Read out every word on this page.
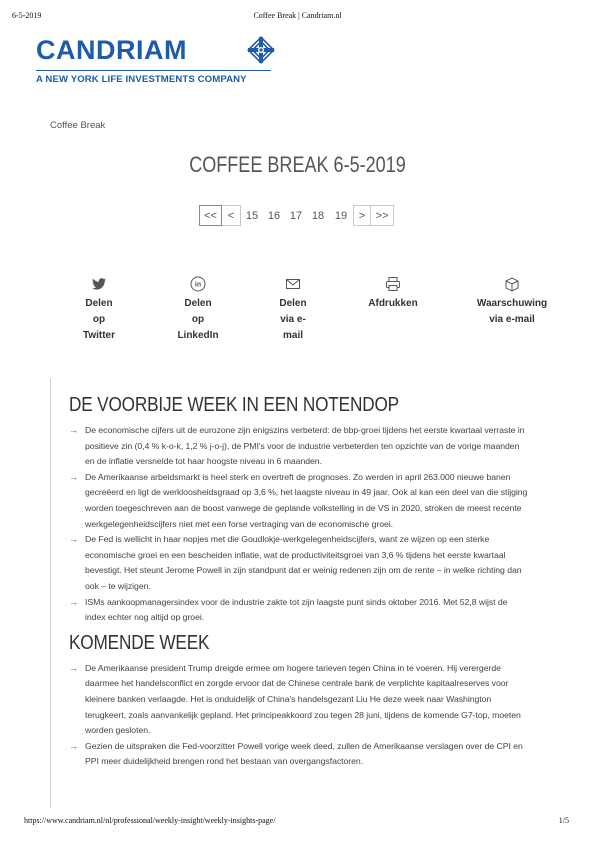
6-5-2019	Coffee Break | Candriam.nl
CANDRIAM
A NEW YORK LIFE INVESTMENTS COMPANY
Coffee Break
COFFEE BREAK 6-5-2019
<< <	15 16 17 18 19	> >>
Delen
op
Twitter
in
Delen
op
LinkedIn
Delen
via e-
mail
Afdrukken	Waarschuwing
via e-mail
DE VOORBIJE WEEK IN EEN NOTENDOP
→ De economische cijfers uit de eurozone zijn enigszins verbeterd: de bbp-groei tijdens het eerste kwartaal verraste in positieve zin (0,4 % k-o-k, 1,2 % j-o-j), de PMI's voor de industrie verbeterden ten opzichte van de vorige maanden en de inflatie versnelde tot haar hoogste niveau in 6 maanden.
→ De Amerikaanse arbeidsmarkt is heel sterk en overtreft de prognoses. Zo werden in april 263.000 nieuwe banen gecreëerd en ligt de werkloosheidsgraad op 3,6 %, het laagste niveau in 49 jaar. Ook al kan een deel van die stijging worden toegeschreven aan de boost vanwege de geplande volkstelling in de VS in 2020, stroken de meest recente werkgelegenheidscijfers niet met een forse vertraging van de economische groei.
→ De Fed is wellicht in haar nopjes met die Goudlokje-werkgelegenheidscijfers, want ze wijzen op een sterke economische groei en een bescheiden inflatie, wat de productiviteitsgroei van 3,6 % tijdens het eerste kwartaal bevestigt. Het steunt Jerome Powell in zijn standpunt dat er weinig redenen zijn om de rente – in welke richting dan ook – te wijzigen.
→ ISMs aankoopmanagersindex voor de industrie zakte tot zijn laagste punt sinds oktober 2016. Met 52,8 wijst de index echter nog altijd op groei.
KOMENDE WEEK
→ De Amerikaanse president Trump dreigde ermee om hogere tarieven tegen China in te voeren. Hij verergerde daarmee het handelsconflict en zorgde ervoor dat de Chinese centrale bank de verplichte kapitaalreserves voor kleinere banken verlaagde. Het is onduidelijk of China's handelsgezant Liu He deze week naar Washington terugkeert, zoals aanvankelijk gepland. Het principeakkoord zou tegen 28 juni, tijdens de komende G7-top, moeten worden gesloten.
→ Gezien de uitspraken die Fed-voorzitter Powell vorige week deed, zullen de Amerikaanse verslagen over de CPI en PPI meer duidelijkheid brengen rond het bestaan van overgangsfactoren.
https://www.candriam.nl/nl/professional/weekly-insight/weekly-insights-page/	1/5
